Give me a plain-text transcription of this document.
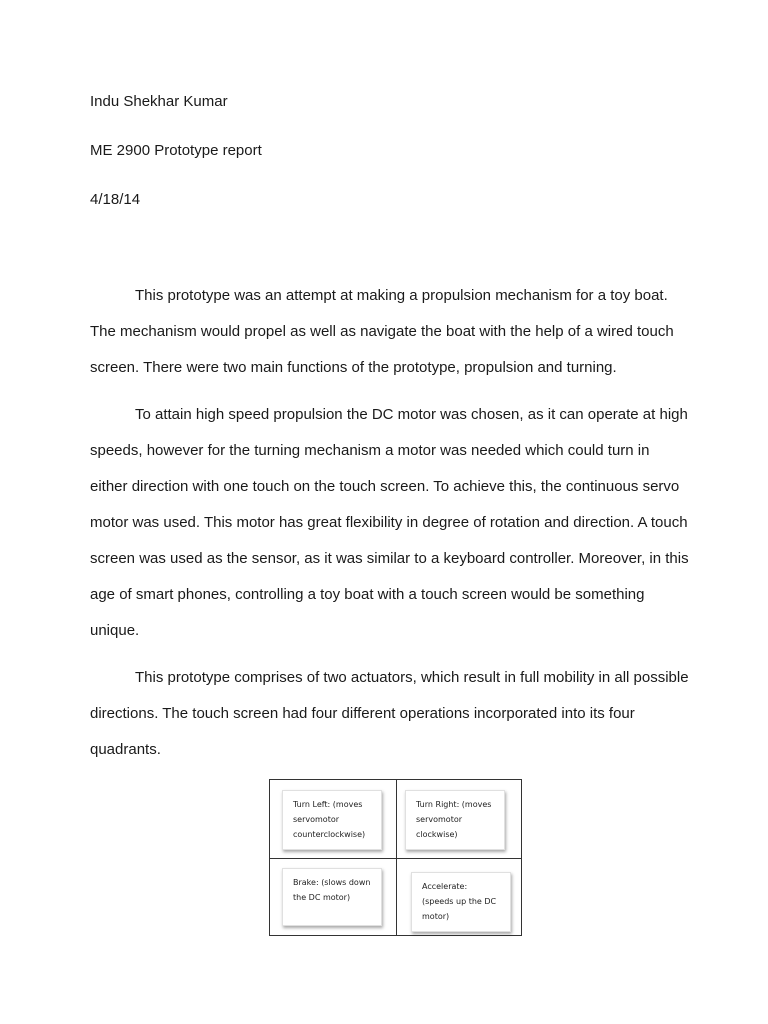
Indu Shekhar Kumar
ME 2900 Prototype report
4/18/14

This prototype was an attempt at making a propulsion mechanism for a toy boat. The mechanism would propel as well as navigate the boat with the help of a wired touch screen. There were two main functions of the prototype, propulsion and turning.

To attain high speed propulsion the DC motor was chosen, as it can operate at high speeds, however for the turning mechanism a motor was needed which could turn in either direction with one touch on the touch screen. To achieve this, the continuous servo motor was used. This motor has great flexibility in degree of rotation and direction. A touch screen was used as the sensor, as it was similar to a keyboard controller. Moreover, in this age of smart phones, controlling a toy boat with a touch screen would be something unique.

This prototype comprises of two actuators, which result in full mobility in all possible directions. The touch screen had four different operations incorporated into its four quadrants.

Turn Left: (moves
servomotor
counterclockwise)
Turn Right: (moves
servomotor
clockwise)
Brake: (slows down
the DC motor)
Accelerate:
(speeds up the DC
motor)
